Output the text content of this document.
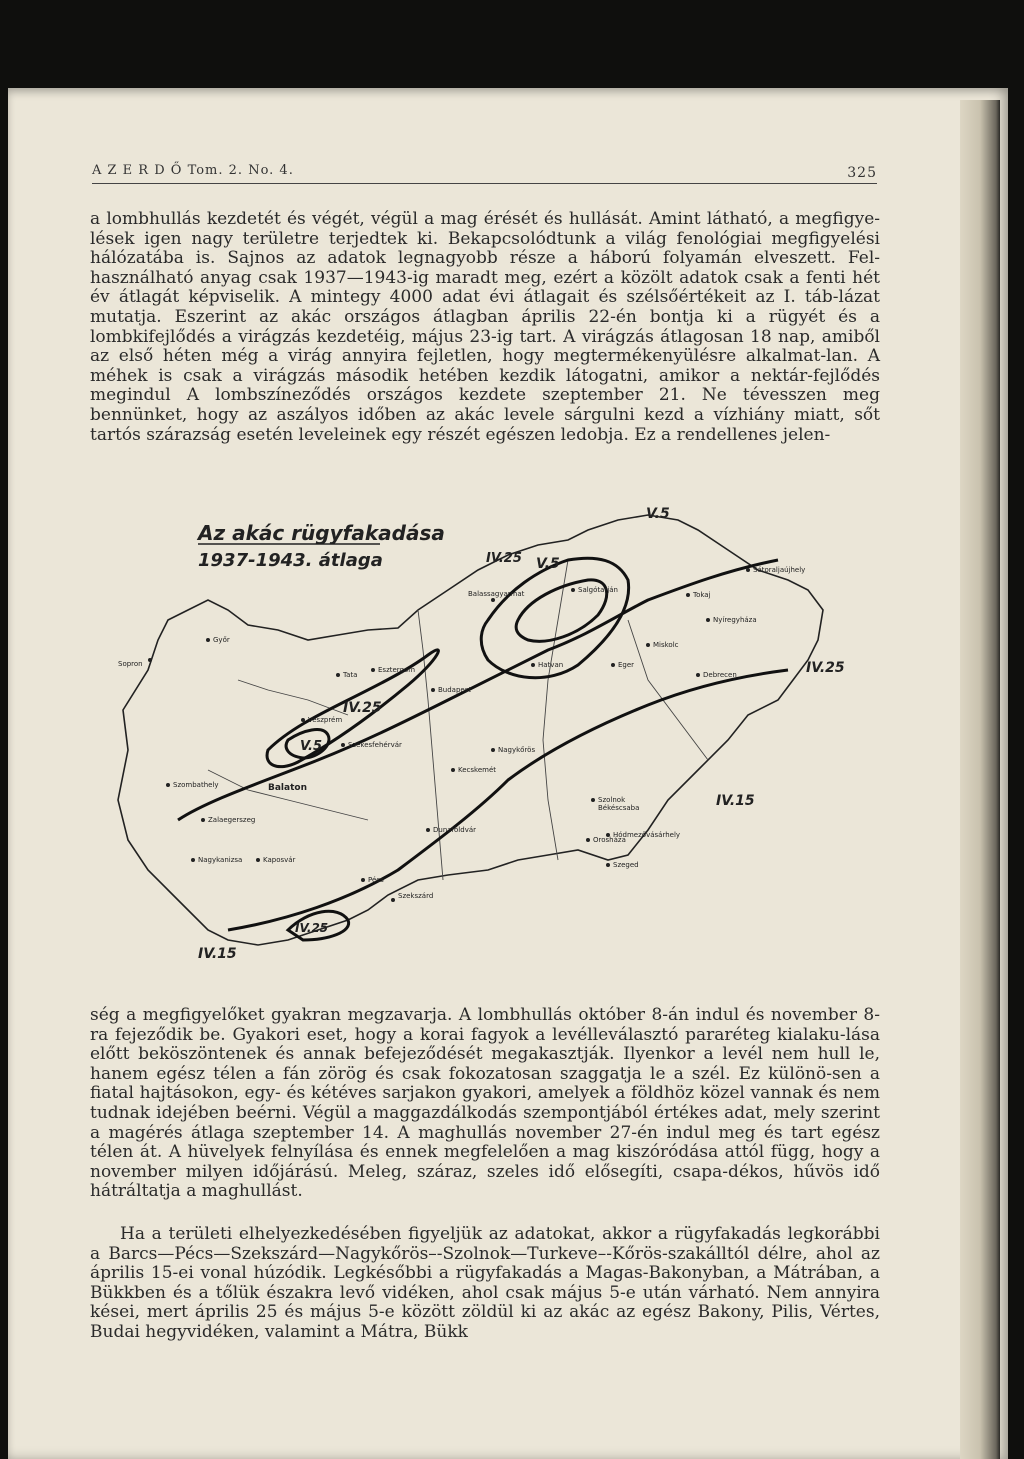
A Z E R D Ő Tom. 2. No. 4.	325
a lombhullás kezdetét és végét, végül a mag érését és hullását. Amint látható, a megfigye-lések igen nagy területre terjedtek ki. Bekapcsolódtunk a világ fenológiai megfigyelési hálózatába is. Sajnos az adatok legnagyobb része a háború folyamán elveszett. Fel-használható anyag csak 1937—1943-ig maradt meg, ezért a közölt adatok csak a fenti hét év átlagát képviselik. A mintegy 4000 adat évi átlagait és szélsőértékeit az I. táb-lázat mutatja. Eszerint az akác országos átlagban április 22-én bontja ki a rügyét és a lombkifejlődés a virágzás kezdetéig, május 23-ig tart. A virágzás átlagosan 18 nap, amiből az első héten még a virág annyira fejletlen, hogy megtermékenyülésre alkalmat-lan. A méhek is csak a virágzás második hetében kezdik látogatni, amikor a nektár-fejlődés megindul A lombszíneződés országos kezdete szeptember 21. Ne tévesszen meg bennünket, hogy az aszályos időben az akác levele sárgulni kezd a vízhiány miatt, sőt tartós szárazság esetén leveleinek egy részét egészen ledobja. Ez a rendellenes jelen-
Az akác rügyfakadása
1937-1943. átlaga
V.5
IV.25
V.5
IV.25
V.5
IV.25
IV.15
IV.25
IV.15
Sopron
Győr
Esztergom
Budapest
Székesfehérvár
Miskolc
Eger
Debrecen
Szolnok
Kecskemét
Szeged
Pécs
Kaposvár
Szombathely
Zalaegerszeg
Nagykanizsa
Hódmezővásárhely
Békéscsaba
Orosháza
Nyíregyháza
Sátoraljaújhely
Tokaj
Szekszárd
Dunaföldvár
Balaton
Balassagyarmat	Salgótarján
Nagykőrös
Hatvan
Veszprém
Tata
ség a megfigyelőket gyakran megzavarja. A lombhullás október 8-án indul és november 8-ra fejeződik be. Gyakori eset, hogy a korai fagyok a levélleválasztó pararéteg kialaku-lása előtt beköszöntenek és annak befejeződését megakasztják. Ilyenkor a levél nem hull le, hanem egész télen a fán zörög és csak fokozatosan szaggatja le a szél. Ez különö-sen a fiatal hajtásokon, egy- és kétéves sarjakon gyakori, amelyek a földhöz közel vannak és nem tudnak idejében beérni. Végül a maggazdálkodás szempontjából értékes adat, mely szerint a magérés átlaga szeptember 14. A maghullás november 27-én indul meg és tart egész télen át. A hüvelyek felnyílása és ennek megfelelően a mag kiszóródása attól függ, hogy a november milyen időjárású. Meleg, száraz, szeles idő elősegíti, csapa-dékos, hűvös idő hátráltatja a maghullást.
Ha a területi elhelyezkedésében figyeljük az adatokat, akkor a rügyfakadás legkorábbi a Barcs—Pécs—Szekszárd—Nagykőrös–-Szolnok—Turkeve–-Kőrös-szakálltól délre, ahol az április 15-ei vonal húzódik. Legkésőbbi a rügyfakadás a Magas-Bakonyban, a Mátrában, a Bükkben és a tőlük északra levő vidéken, ahol csak május 5-e után várható. Nem annyira kései, mert április 25 és május 5-e között zöldül ki az akác az egész Bakony, Pilis, Vértes, Budai hegyvidéken, valamint a Mátra, Bükk
